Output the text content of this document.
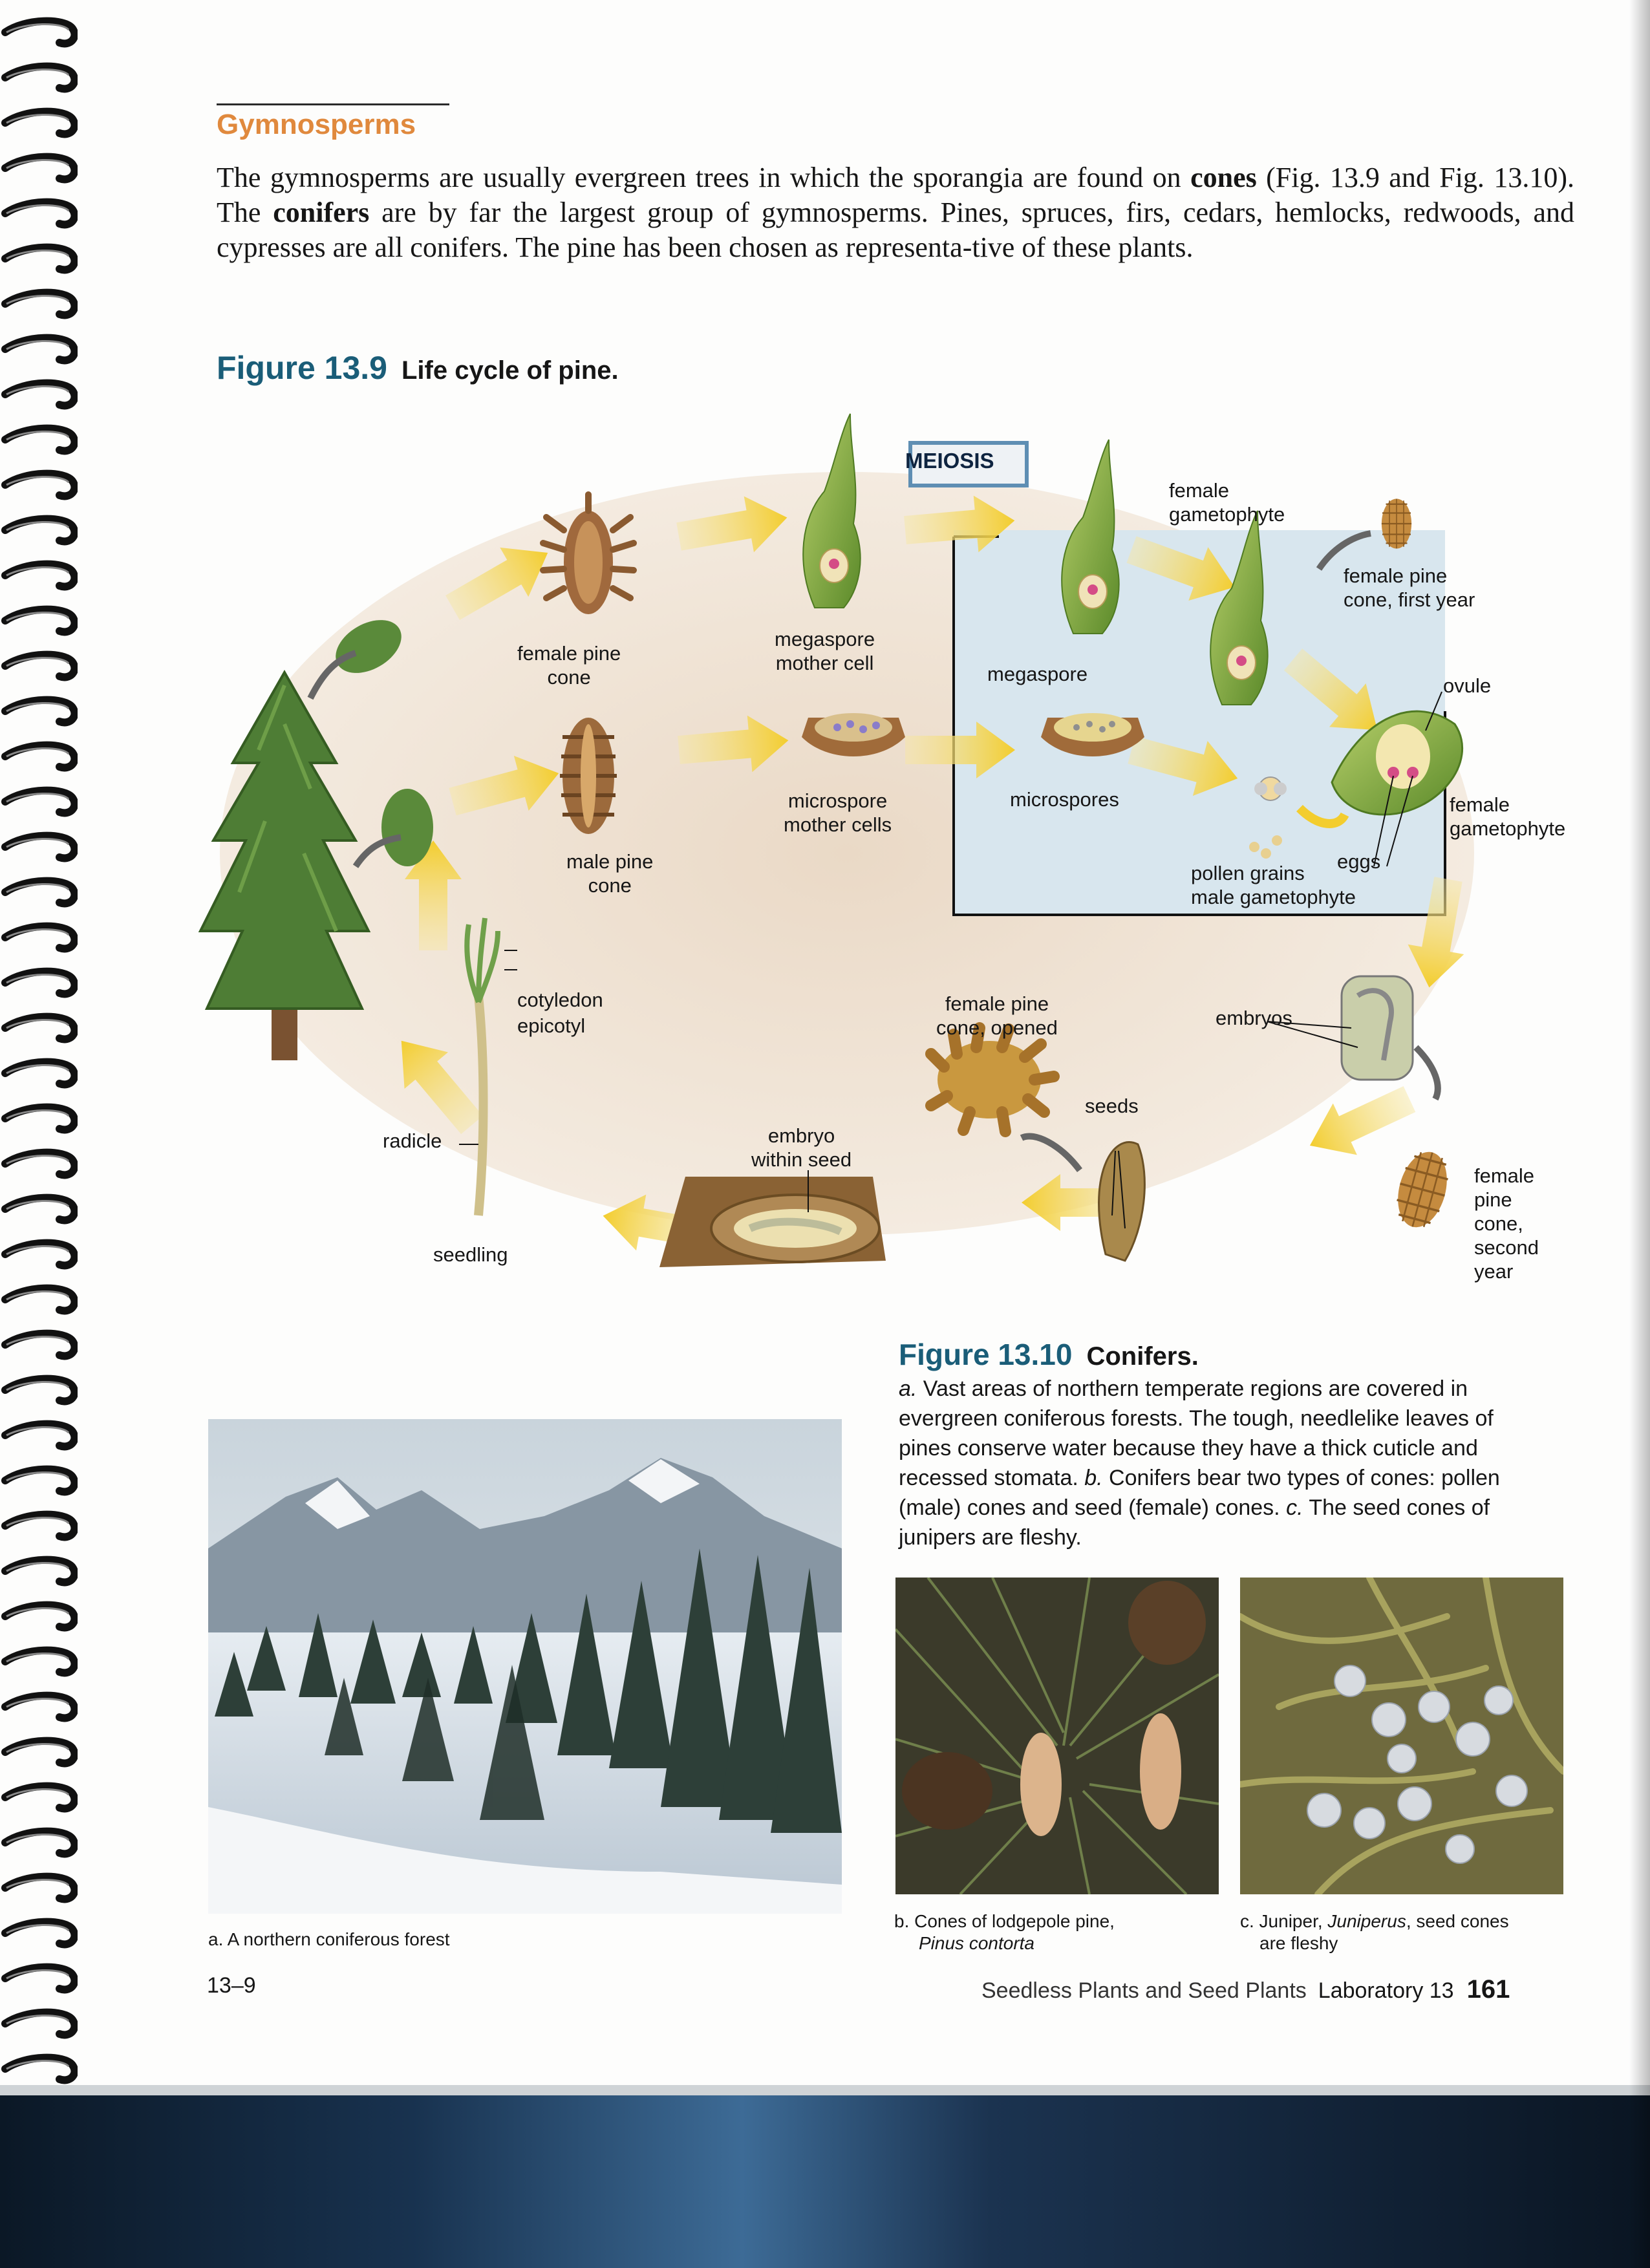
Gymnosperms
The gymnosperms are usually evergreen trees in which the sporangia are found on cones (Fig. 13.9 and Fig. 13.10). The conifers are by far the largest group of gymnosperms. Pines, spruces, firs, cedars, hemlocks, redwoods, and cypresses are all conifers. The pine has been chosen as representa-tive of these plants.
Figure 13.9 Life cycle of pine.
MEIOSIS
female pine
cone
megaspore
mother cell	megaspore
female
gametophyte
female pine
cone, first year
ovule
female
gametophyte
eggs
pollen grains
male gametophyte
microspores
microspore
mother cells
male pine
cone
embryos
female
pine
cone,
second
year
seeds
female pine
cone, opened
embryo
within seed
cotyledon
epicotyl
radicle
seedling
Figure 13.10 Conifers.
a. Vast areas of northern temperate regions are covered in evergreen coniferous forests. The tough, needlelike leaves of pines conserve water because they have a thick cuticle and recessed stomata. b. Conifers bear two types of cones: pollen (male) cones and seed (female) cones. c. The seed cones of junipers are fleshy.
a. A northern coniferous forest
b. Cones of lodgepole pine,
Pinus contorta
c. Juniper, Juniperus, seed cones
are fleshy
13–9	Seedless Plants and Seed Plants Laboratory 13 161
